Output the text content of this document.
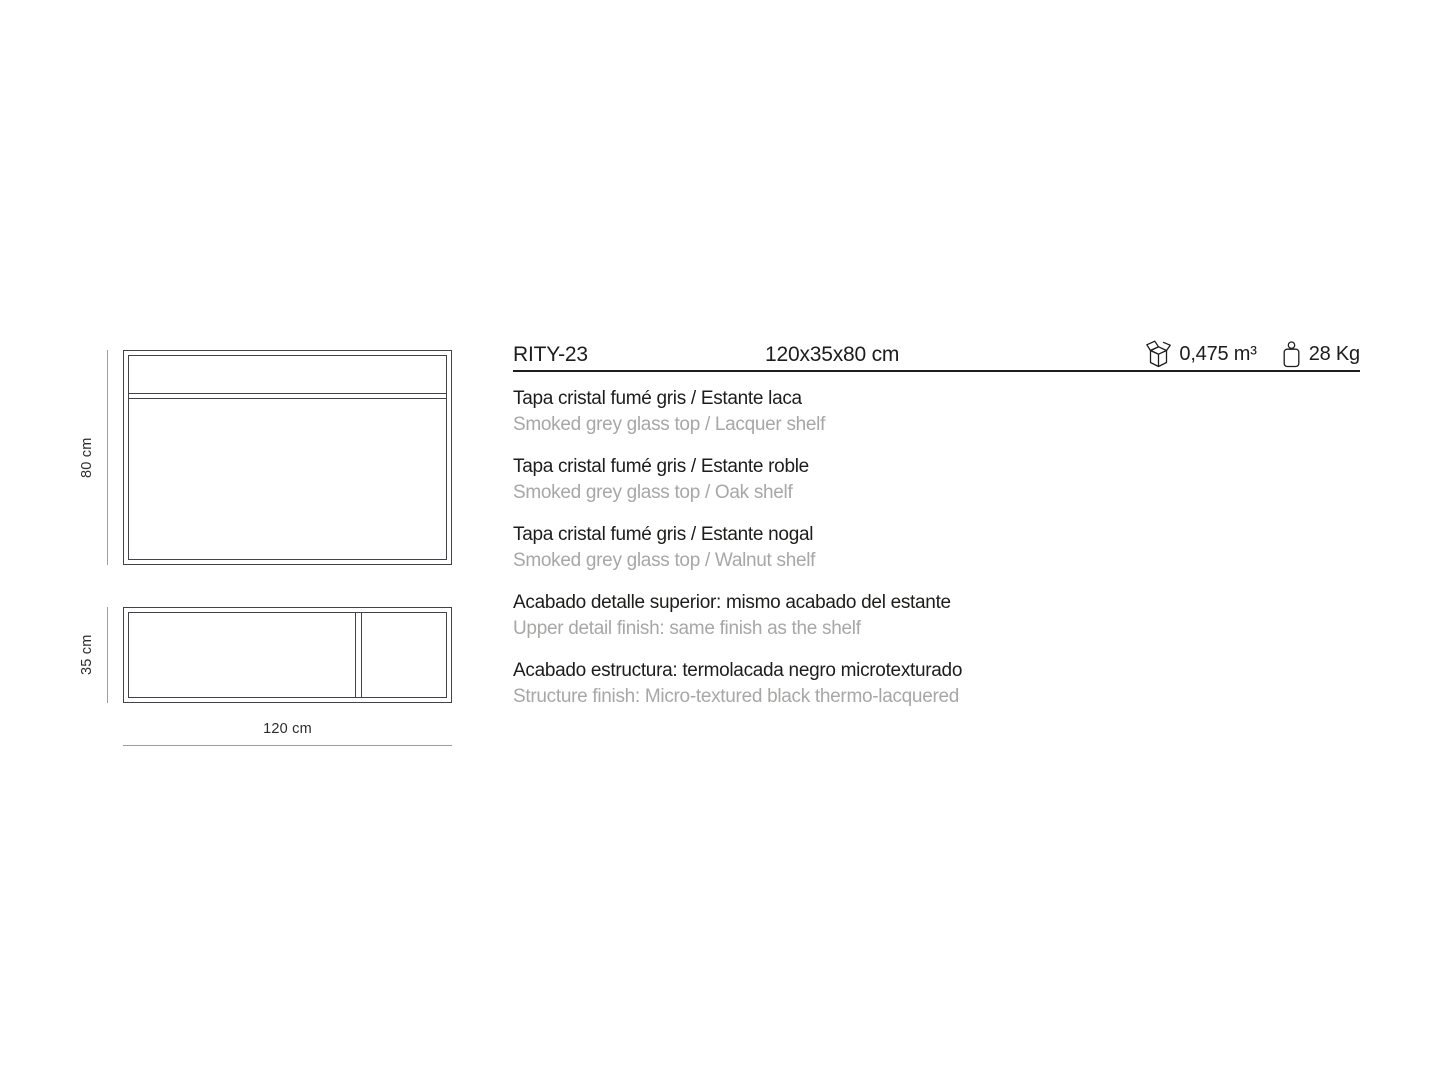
80 cm
35 cm
120 cm
RITY-23	120x35x80 cm	0,475 m³	28 Kg
Tapa cristal fumé gris / Estante laca
Smoked grey glass top / Lacquer shelf
Tapa cristal fumé gris / Estante roble
Smoked grey glass top / Oak shelf
Tapa cristal fumé gris / Estante nogal
Smoked grey glass top / Walnut shelf
Acabado detalle superior: mismo acabado del estante
Upper detail finish: same finish as the shelf
Acabado estructura: termolacada negro microtexturado
Structure finish: Micro-textured black thermo-lacquered
